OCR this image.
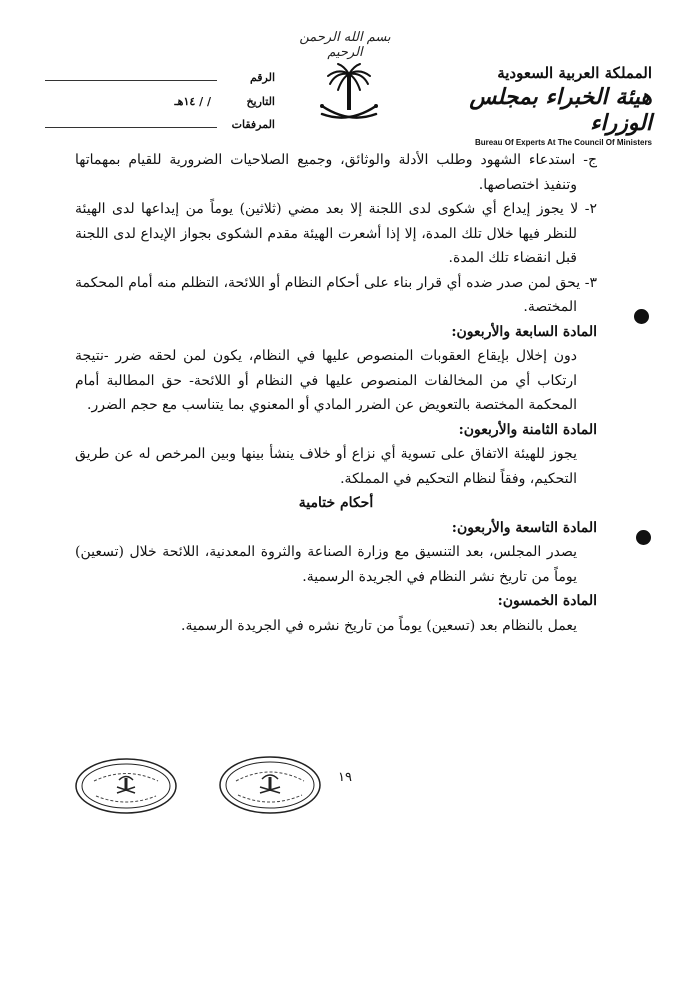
بسم الله الرحمن الرحيم
المملكة العربية السعودية
هيئة الخبراء بمجلس الوزراء
Bureau Of Experts At The Council Of Ministers
الرقم
التاريخ
/ / ١٤هـ
المرفقات

ج- استدعاء الشهود وطلب الأدلة والوثائق، وجميع الصلاحيات الضرورية للقيام بمهماتها وتنفيذ اختصاصها.

٢- لا يجوز إيداع أي شكوى لدى اللجنة إلا بعد مضي (ثلاثين) يوماً من إيداعها لدى الهيئة للنظر فيها خلال تلك المدة، إلا إذا أشعرت الهيئة مقدم الشكوى بجواز الإيداع لدى اللجنة قبل انقضاء تلك المدة.

٣- يحق لمن صدر ضده أي قرار بناء على أحكام النظام أو اللائحة، التظلم منه أمام المحكمة المختصة.

المادة السابعة والأربعون:

دون إخلال بإيقاع العقوبات المنصوص عليها في النظام، يكون لمن لحقه ضرر -نتيجة ارتكاب أي من المخالفات المنصوص عليها في النظام أو اللائحة- حق المطالبة أمام المحكمة المختصة بالتعويض عن الضرر المادي أو المعنوي بما يتناسب مع حجم الضرر.

المادة الثامنة والأربعون:

يجوز للهيئة الاتفاق على تسوية أي نزاع أو خلاف ينشأ بينها وبين المرخص له عن طريق التحكيم، وفقاً لنظام التحكيم في المملكة.

أحكام ختامية

المادة التاسعة والأربعون:

يصدر المجلس، بعد التنسيق مع وزارة الصناعة والثروة المعدنية، اللائحة خلال (تسعين) يوماً من تاريخ نشر النظام في الجريدة الرسمية.

المادة الخمسون:

يعمل بالنظام بعد (تسعين) يوماً من تاريخ نشره في الجريدة الرسمية.

١٩
